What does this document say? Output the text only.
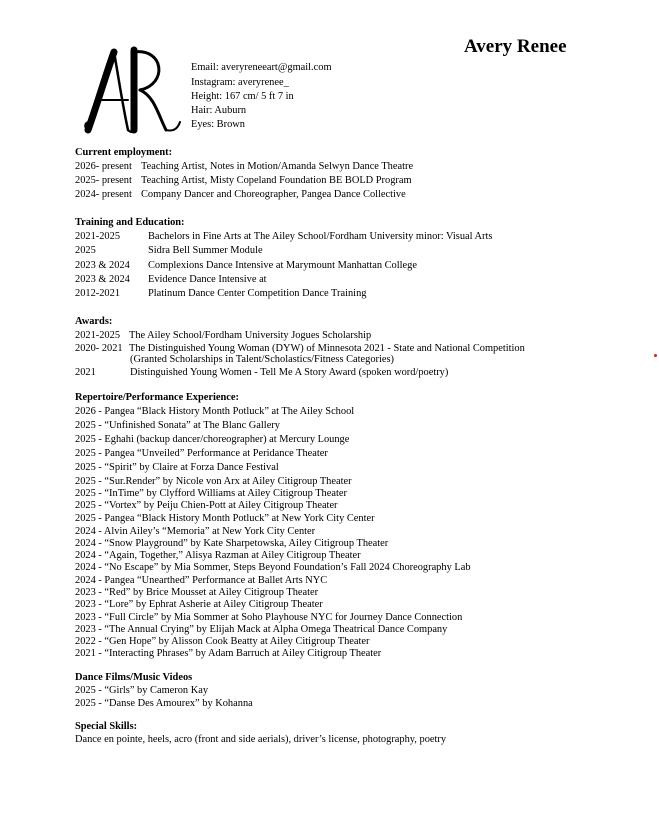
Avery Renee
Email: averyreneeart@gmail.com
Instagram: averyrenee_
Height: 167 cm/ 5 ft 7 in
Hair: Auburn
Eyes: Brown
Current employment:
2026- present Teaching Artist, Notes in Motion/Amanda Selwyn Dance Theatre
2025- present Teaching Artist, Misty Copeland Foundation BE BOLD Program
2024- present Company Dancer and Choreographer, Pangea Dance Collective
Training and Education:
2021-2025	Bachelors in Fine Arts at The Ailey School/Fordham University minor: Visual Arts
2025	Sidra Bell Summer Module
2023 & 2024 Complexions Dance Intensive at Marymount Manhattan College
2023 & 2024 Evidence Dance Intensive at
2012-2021	Platinum Dance Center Competition Dance Training
Awards:
2021-2025 The Ailey School/Fordham University Jogues Scholarship
2020- 2021 The Distinguished Young Woman (DYW) of Minnesota 2021 - State and National Competition
(Granted Scholarships in Talent/Scholastics/Fitness Categories)
2021	Distinguished Young Women - Tell Me A Story Award (spoken word/poetry)
Repertoire/Performance Experience:
2026 - Pangea “Black History Month Potluck” at The Ailey School
2025 - “Unfinished Sonata” at The Blanc Gallery
2025 - Eghahi (backup dancer/choreographer) at Mercury Lounge
2025 - Pangea “Unveiled” Performance at Peridance Theater
2025 - “Spirit” by Claire at Forza Dance Festival
2025 - “Sur.Render” by Nicole von Arx at Ailey Citigroup Theater
2025 - “InTime” by Clyfford Williams at Ailey Citigroup Theater
2025 - “Vortex” by Peiju Chien-Pott at Ailey Citigroup Theater
2025 - Pangea “Black History Month Potluck” at New York City Center
2024 - Alvin Ailey’s “Memoria” at New York City Center
2024 - “Snow Playground” by Kate Sharpetowska, Ailey Citigroup Theater
2024 - “Again, Together,” Alisya Razman at Ailey Citigroup Theater
2024 - “No Escape” by Mia Sommer, Steps Beyond Foundation’s Fall 2024 Choreography Lab
2024 - Pangea “Unearthed” Performance at Ballet Arts NYC
2023 - “Red” by Brice Mousset at Ailey Citigroup Theater
2023 - “Lore” by Ephrat Asherie at Ailey Citigroup Theater
2023 - “Full Circle” by Mia Sommer at Soho Playhouse NYC for Journey Dance Connection
2023 - “The Annual Crying” by Elijah Mack at Alpha Omega Theatrical Dance Company
2022 - “Gen Hope” by Alisson Cook Beatty at Ailey Citigroup Theater
2021 - “Interacting Phrases” by Adam Barruch at Ailey Citigroup Theater
Dance Films/Music Videos
2025 - “Girls” by Cameron Kay
2025 - “Danse Des Amourex” by Kohanna
Special Skills:
Dance en pointe, heels, acro (front and side aerials), driver’s license, photography, poetry
